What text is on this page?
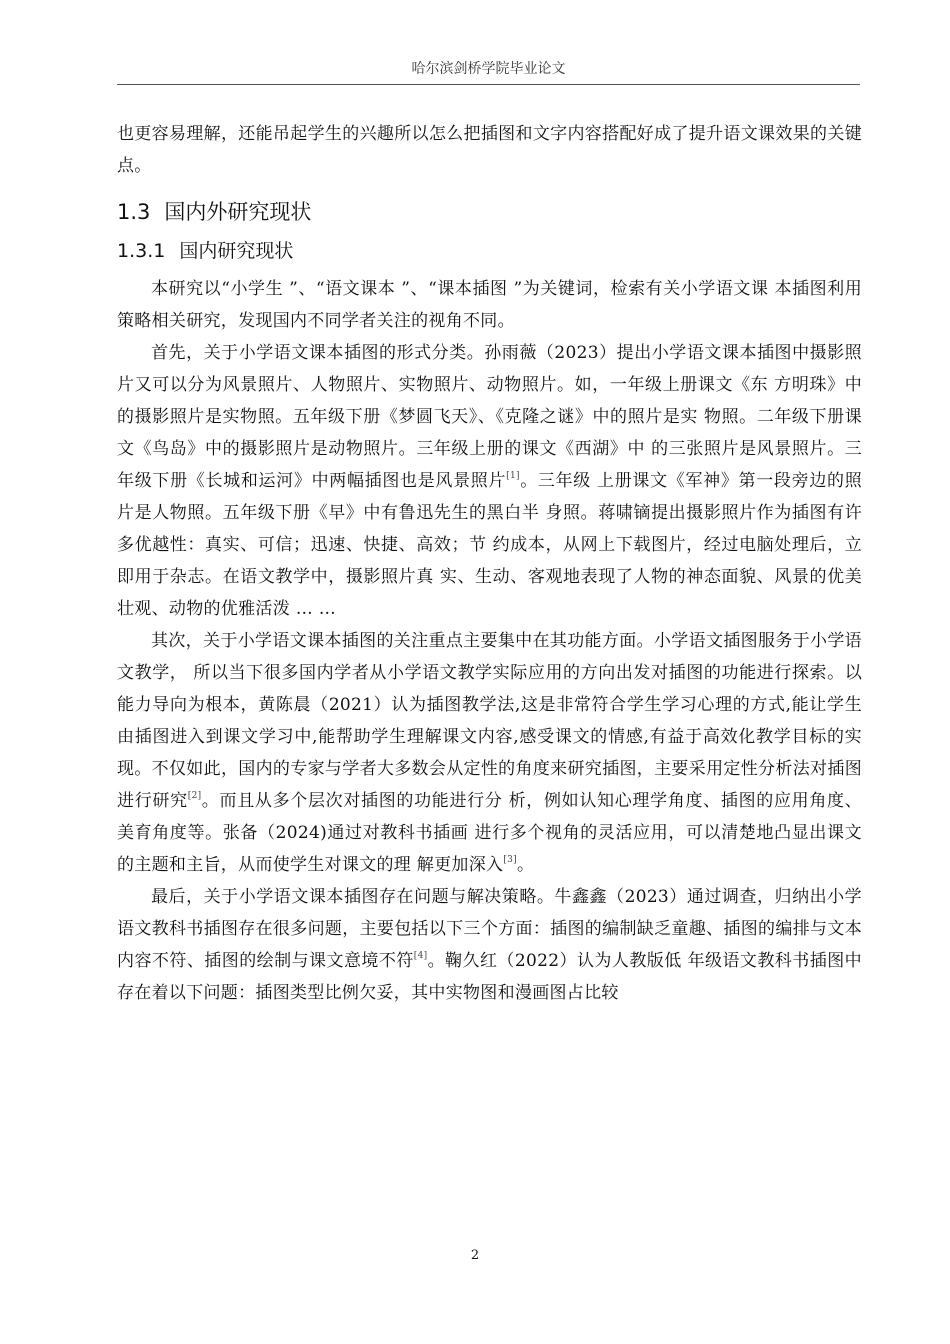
哈尔滨剑桥学院毕业论文

也更容易理解，还能吊起学生的兴趣所以怎么把插图和文字内容搭配好成了提升语文课效果的关键点。

1.3 国内外研究现状
1.3.1 国内研究现状

本研究以“小学生 ”、“语文课本 ”、“课本插图 ”为关键词，检索有关小学语文课 本插图利用策略相关研究，发现国内不同学者关注的视角不同。

首先，关于小学语文课本插图的形式分类。孙雨薇（2023）提出小学语文课本插图中摄影照片又可以分为风景照片、人物照片、实物照片、动物照片。如，一年级上册课文《东 方明珠》中的摄影照片是实物照。五年级下册《梦圆飞天》、《克隆之谜》中的照片是实 物照。二年级下册课文《鸟岛》中的摄影照片是动物照片。三年级上册的课文《西湖》中 的三张照片是风景照片。三年级下册《长城和运河》中两幅插图也是风景照片[1]。三年级 上册课文《军神》第一段旁边的照片是人物照。五年级下册《早》中有鲁迅先生的黑白半 身照。蒋啸镝提出摄影照片作为插图有许多优越性：真实、可信；迅速、快捷、高效；节 约成本，从网上下载图片，经过电脑处理后，立即用于杂志。在语文教学中，摄影照片真 实、生动、客观地表现了人物的神态面貌、风景的优美壮观、动物的优雅活泼 … …

其次，关于小学语文课本插图的关注重点主要集中在其功能方面。小学语文插图服务于小学语文教学， 所以当下很多国内学者从小学语文教学实际应用的方向出发对插图的功能进行探索。以能力导向为根本，黄陈晨（2021）认为插图教学法,这是非常符合学生学习心理的方式,能让学生由插图进入到课文学习中,能帮助学生理解课文内容,感受课文的情感,有益于高效化教学目标的实现。不仅如此，国内的专家与学者大多数会从定性的角度来研究插图，主要采用定性分析法对插图进行研究[2]。而且从多个层次对插图的功能进行分 析，例如认知心理学角度、插图的应用角度、美育角度等。张备（2024)通过对教科书插画 进行多个视角的灵活应用，可以清楚地凸显出课文的主题和主旨，从而使学生对课文的理 解更加深入[3]。

最后，关于小学语文课本插图存在问题与解决策略。牛鑫鑫（2023）通过调查，归纳出小学语文教科书插图存在很多问题，主要包括以下三个方面：插图的编制缺乏童趣、插图的编排与文本内容不符、插图的绘制与课文意境不符[4]。鞠久红（2022）认为人教版低 年级语文教科书插图中存在着以下问题：插图类型比例欠妥，其中实物图和漫画图占比较

2
